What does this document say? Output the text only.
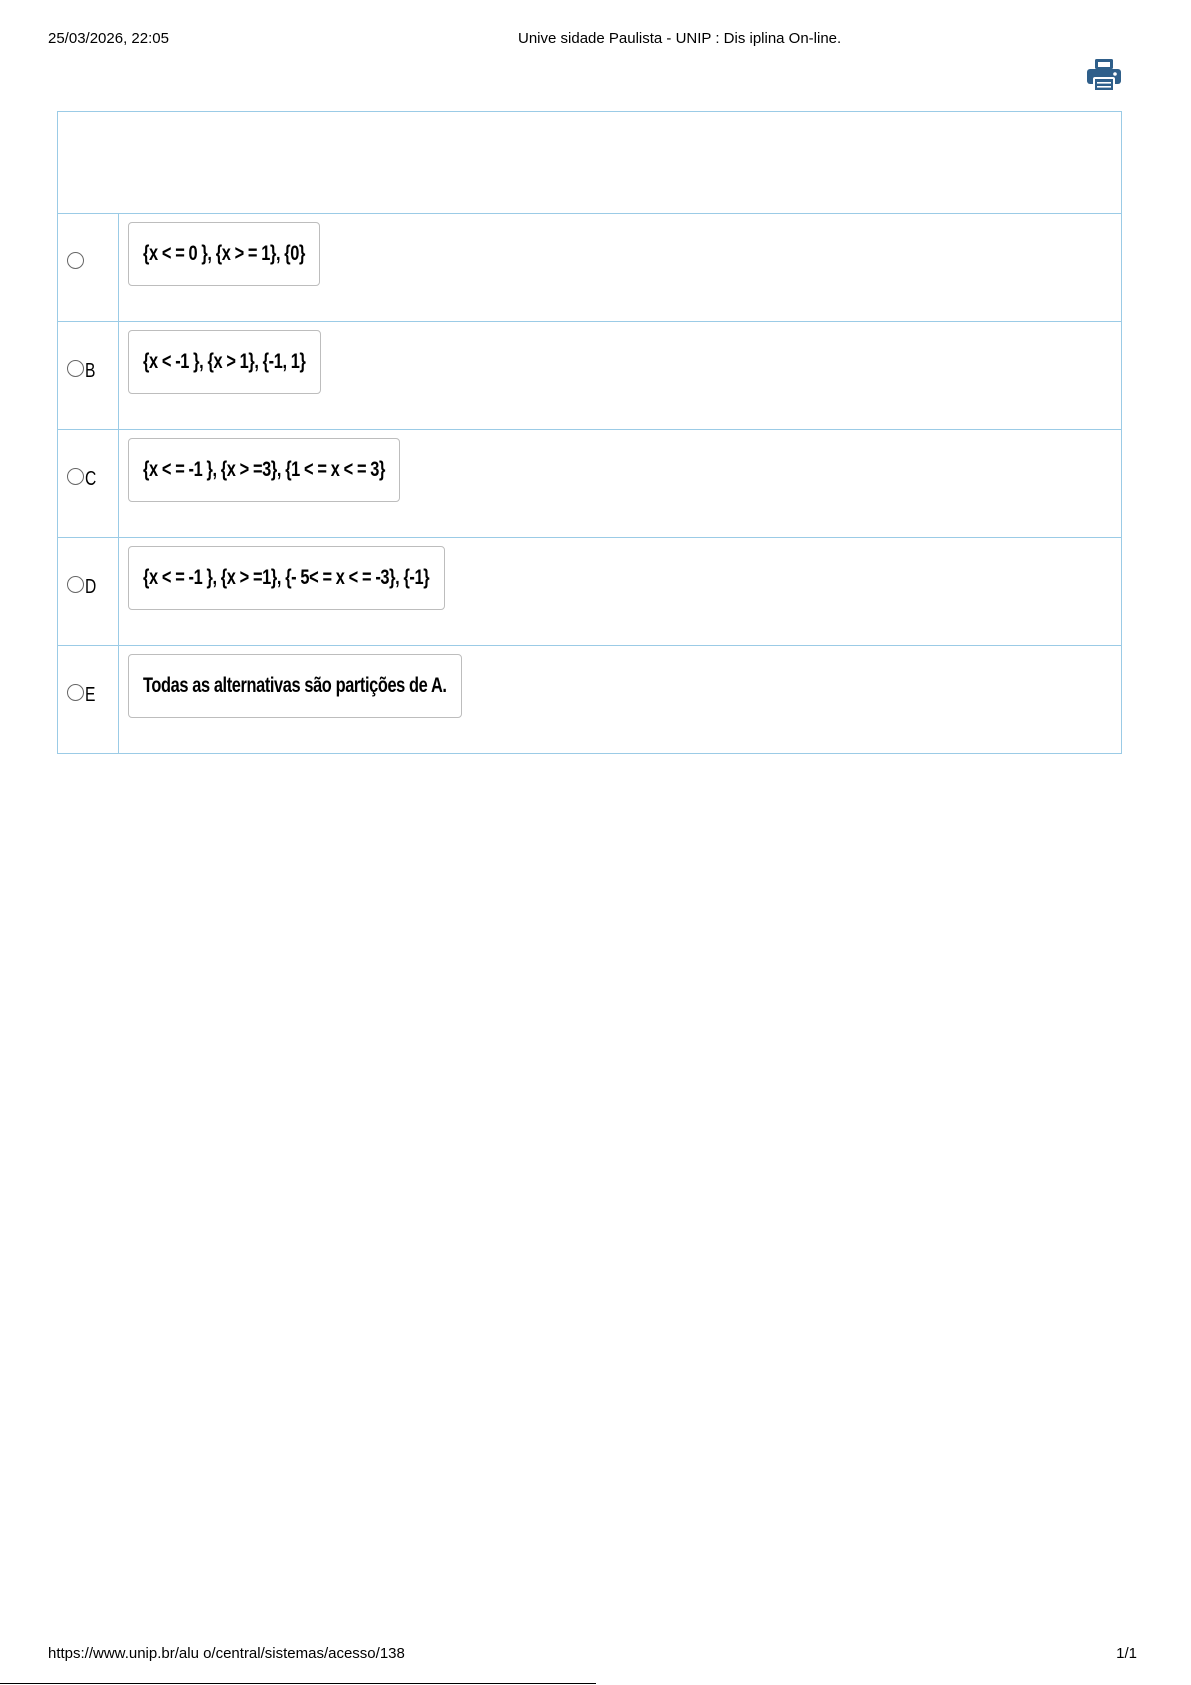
25/03/2026, 22:05	Unive sidade Paulista - UNIP : Dis iplina On-line.

	{x < = 0 }, {x > = 1}, {0}

B	{x < -1 }, {x > 1}, {-1, 1}

C	{x < = -1 }, {x > =3}, {1 < = x < = 3}

D	{x < = -1 }, {x > =1}, {- 5< = x < = -3}, {-1}

E	Todas as alternativas são partições de A.
https://www.unip.br/alu o/central/sistemas/acesso/138	1/1
